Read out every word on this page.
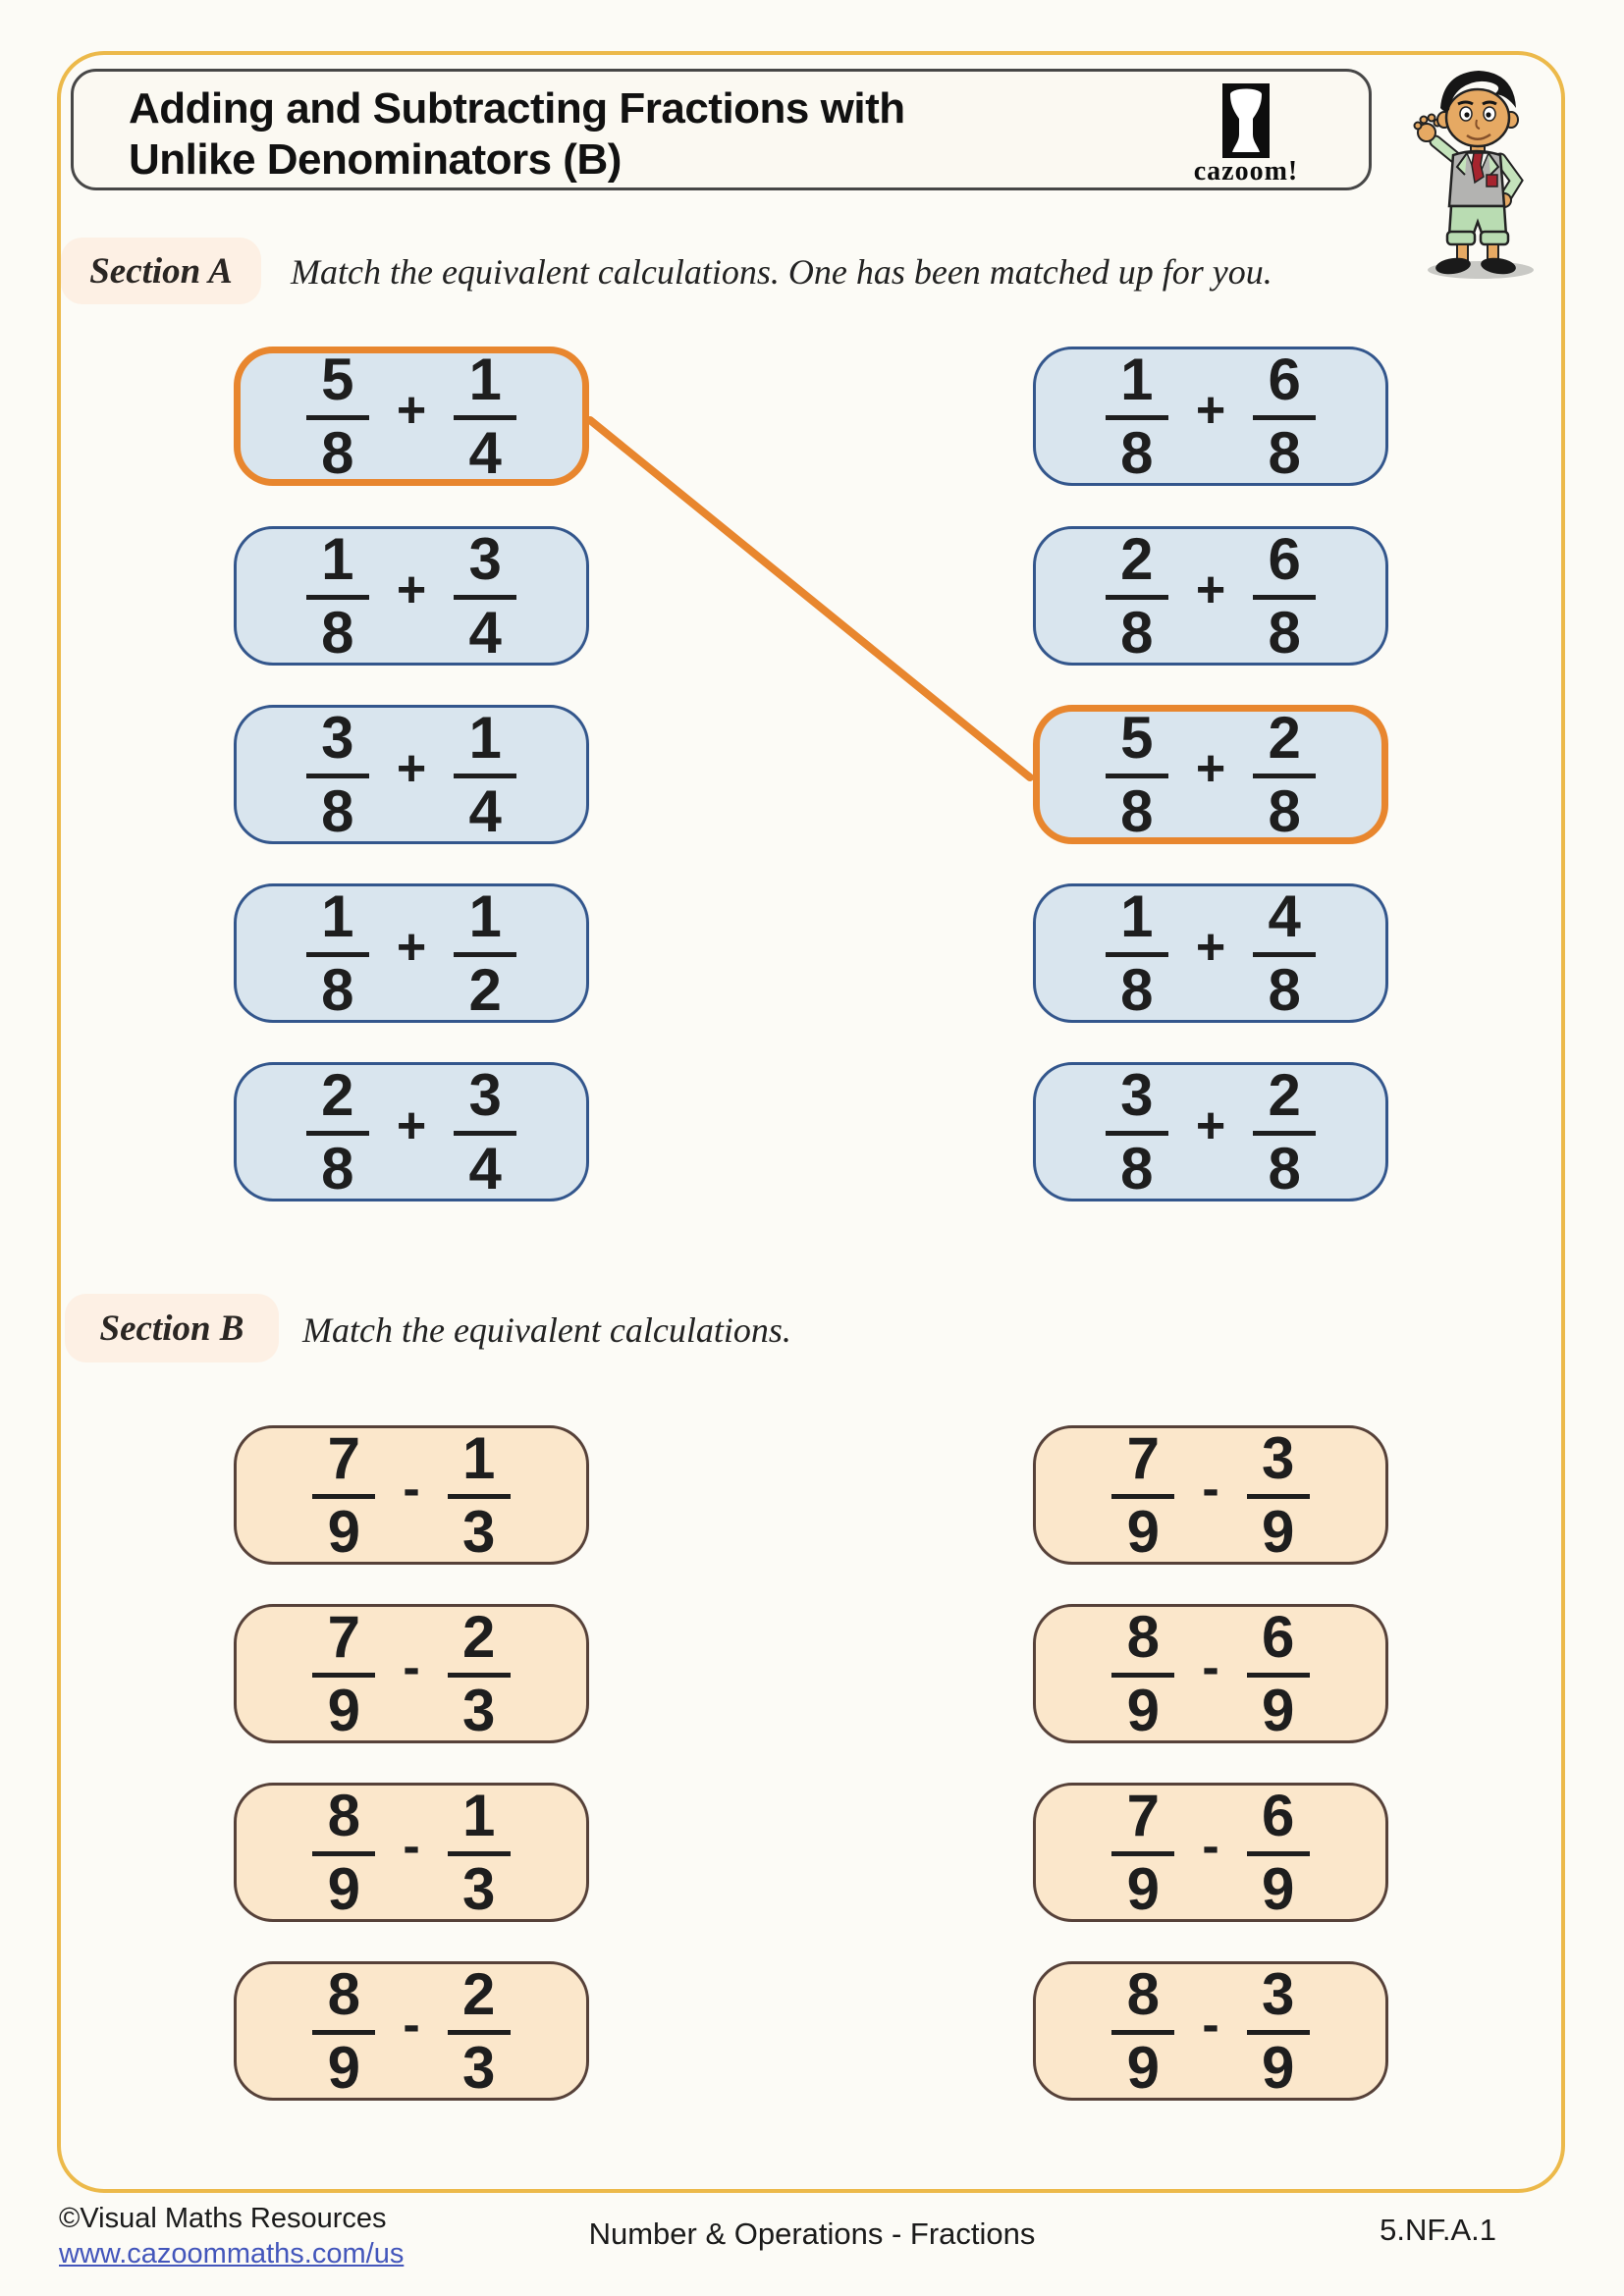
Adding and Subtracting Fractions with
Unlike Denominators (B)	cazoom!
Section A Match the equivalent calculations. One has been matched up for you.
$\frac{5}{8} + \frac{1}{4}$
$\frac{1}{8} + \frac{3}{4}$
$\frac{3}{8} + \frac{1}{4}$
$\frac{1}{8} + \frac{1}{2}$
$\frac{2}{8} + \frac{3}{4}$
$\frac{1}{8} + \frac{6}{8}$
$\frac{2}{8} + \frac{6}{8}$
$\frac{5}{8} + \frac{2}{8}$
$\frac{1}{8} + \frac{4}{8}$
$\frac{3}{8} + \frac{2}{8}$
Section B Match the equivalent calculations.
$\frac{7}{9} - \frac{1}{3}$
$\frac{7}{9} - \frac{2}{3}$
$\frac{8}{9} - \frac{1}{3}$
$\frac{8}{9} - \frac{2}{3}$
$\frac{7}{9} - \frac{3}{9}$
$\frac{8}{9} - \frac{6}{9}$
$\frac{7}{9} - \frac{6}{9}$
$\frac{8}{9} - \frac{3}{9}$
©Visual Maths Resources
www.cazoommaths.com/us
Number & Operations - Fractions	5.NF.A.1
